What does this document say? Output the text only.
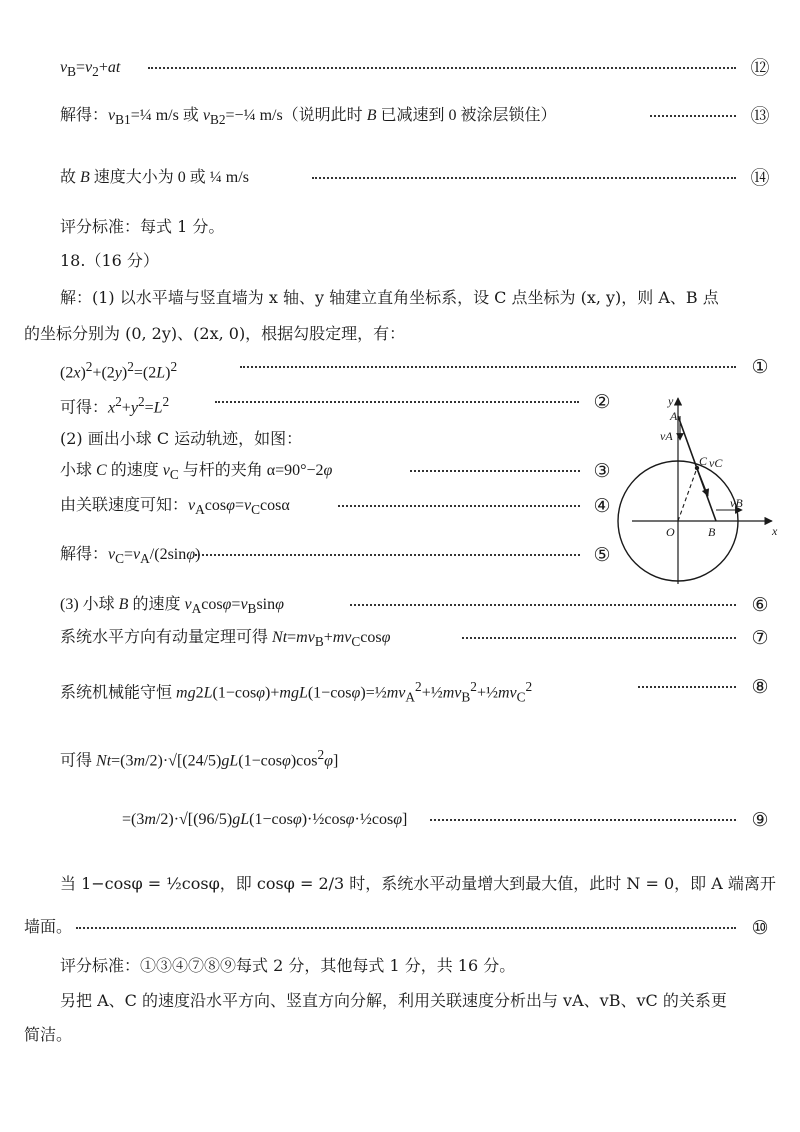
$v_B=v_2+at$	⑫
解得：$v_{B1}=\frac{1}{4}$ m/s 或 $v_{B2}=-\frac{1}{4}$ m/s（说明此时 B 已减速到 0 被涂层锁住）	⑬
故 B 速度大小为 0 或 ¼ m/s	⑭
评分标准：每式 1 分。
18.（16 分）
解：(1) 以水平墙与竖直墙为 x 轴、y 轴建立直角坐标系，设 C 点坐标为 (x, y)，则 A、B 点
的坐标分别为 (0, 2y)、(2x, 0)，根据勾股定理，有：
$(2x)^2+(2y)^2=(2L)^2$	①
可得：$x^2+y^2=L^2$	②
(2) 画出小球 C 运动轨迹，如图：
小球 C 的速度 $v_C$ 与杆的夹角 α=90°−2φ	③
由关联速度可知：$v_A\cos\varphi=v_C\cos\alpha$	④
解得：$v_C=v_A/(2\sin\varphi)$	⑤
(3) 小球 B 的速度 $v_A\cos\varphi=v_B\sin\varphi$	⑥
系统水平方向有动量定理可得 $Nt=mv_B+mv_C\cos\varphi$	⑦
系统机械能守恒 $mg2L(1-\cos\varphi)+mgL(1-\cos\varphi)=\frac{1}{2}mv_A^2+\frac{1}{2}mv_B^2+\frac{1}{2}mv_C^2$	⑧
可得 $Nt=(3m/2)\cdot√[(24/5)gL(1-\cos\varphi)\cos^2\varphi]$
=(3m/2)·√[(96/5)gL(1−cosφ)·½cosφ·½cosφ]	⑨
当 1−cosφ = ½cosφ，即 cosφ = 2/3 时，系统水平动量增大到最大值，此时 N = 0，即 A 端离开
墙面。	⑩
评分标准：①③④⑦⑧⑨每式 2 分，其他每式 1 分，共 16 分。
另把 A、C 的速度沿水平方向、竖直方向分解，利用关联速度分析出与 vA、vB、vC 的关系更
简洁。
y
x
A
vA
C vC
O	B
vB
